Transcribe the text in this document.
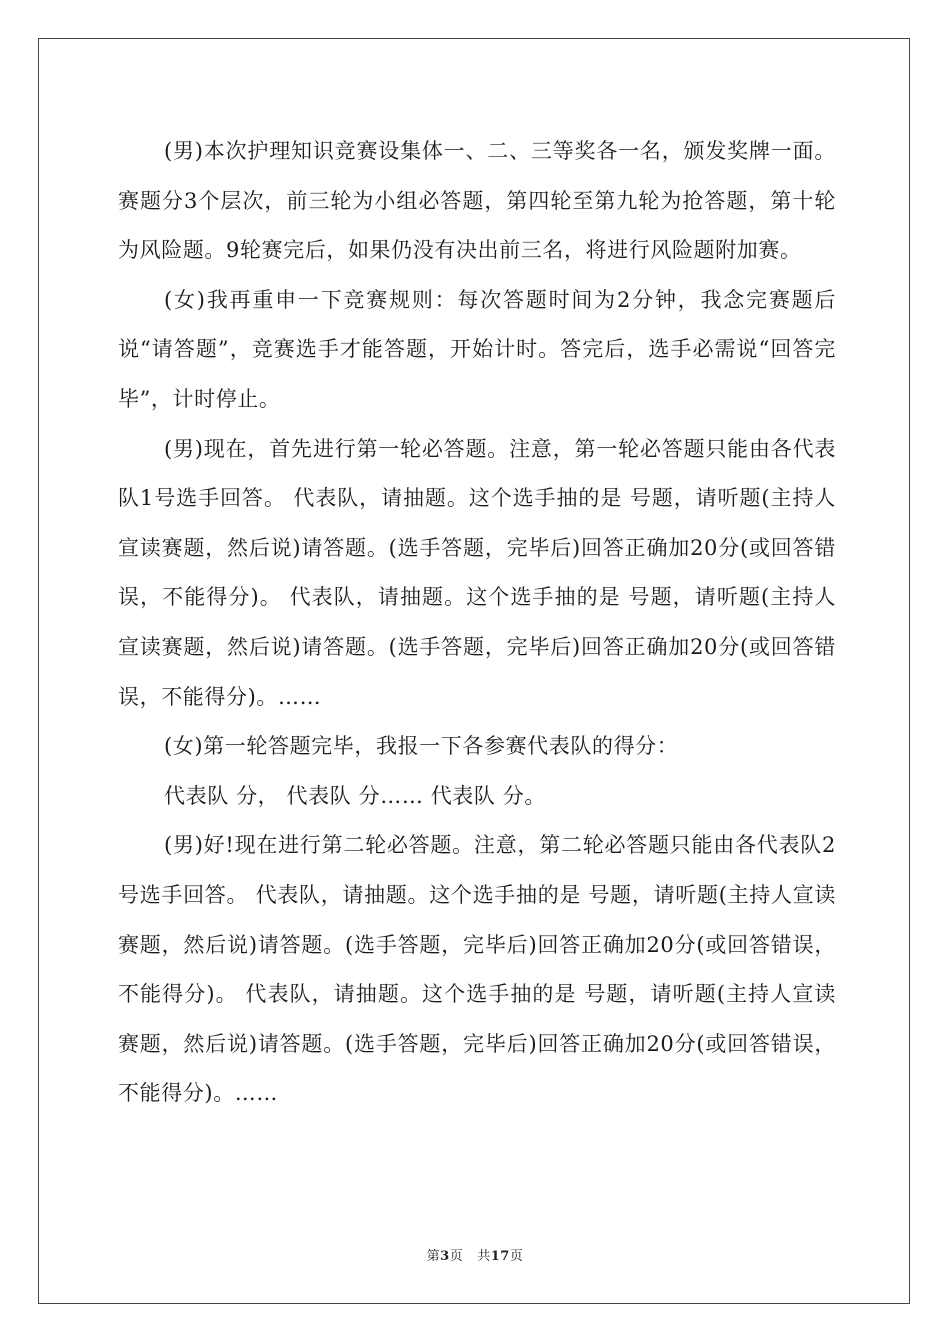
(男)本次护理知识竞赛设集体一、二、三等奖各一名，颁发奖牌一面。赛题分3个层次，前三轮为小组必答题，第四轮至第九轮为抢答题，第十轮为风险题。9轮赛完后，如果仍没有决出前三名，将进行风险题附加赛。

(女)我再重申一下竞赛规则：每次答题时间为2分钟，我念完赛题后说“请答题”，竞赛选手才能答题，开始计时。答完后，选手必需说“回答完毕”，计时停止。

(男)现在，首先进行第一轮必答题。注意，第一轮必答题只能由各代表队1号选手回答。 代表队，请抽题。这个选手抽的是 号题，请听题(主持人宣读赛题，然后说)请答题。(选手答题，完毕后)回答正确加20分(或回答错误，不能得分)。 代表队，请抽题。这个选手抽的是 号题，请听题(主持人宣读赛题，然后说)请答题。(选手答题，完毕后)回答正确加20分(或回答错误，不能得分)。……

(女)第一轮答题完毕，我报一下各参赛代表队的得分：

代表队 分， 代表队 分…… 代表队 分。

(男)好!现在进行第二轮必答题。注意，第二轮必答题只能由各代表队2号选手回答。 代表队，请抽题。这个选手抽的是 号题，请听题(主持人宣读赛题，然后说)请答题。(选手答题，完毕后)回答正确加20分(或回答错误，不能得分)。 代表队，请抽题。这个选手抽的是 号题，请听题(主持人宣读赛题，然后说)请答题。(选手答题，完毕后)回答正确加20分(或回答错误，不能得分)。……

第3页 共17页
